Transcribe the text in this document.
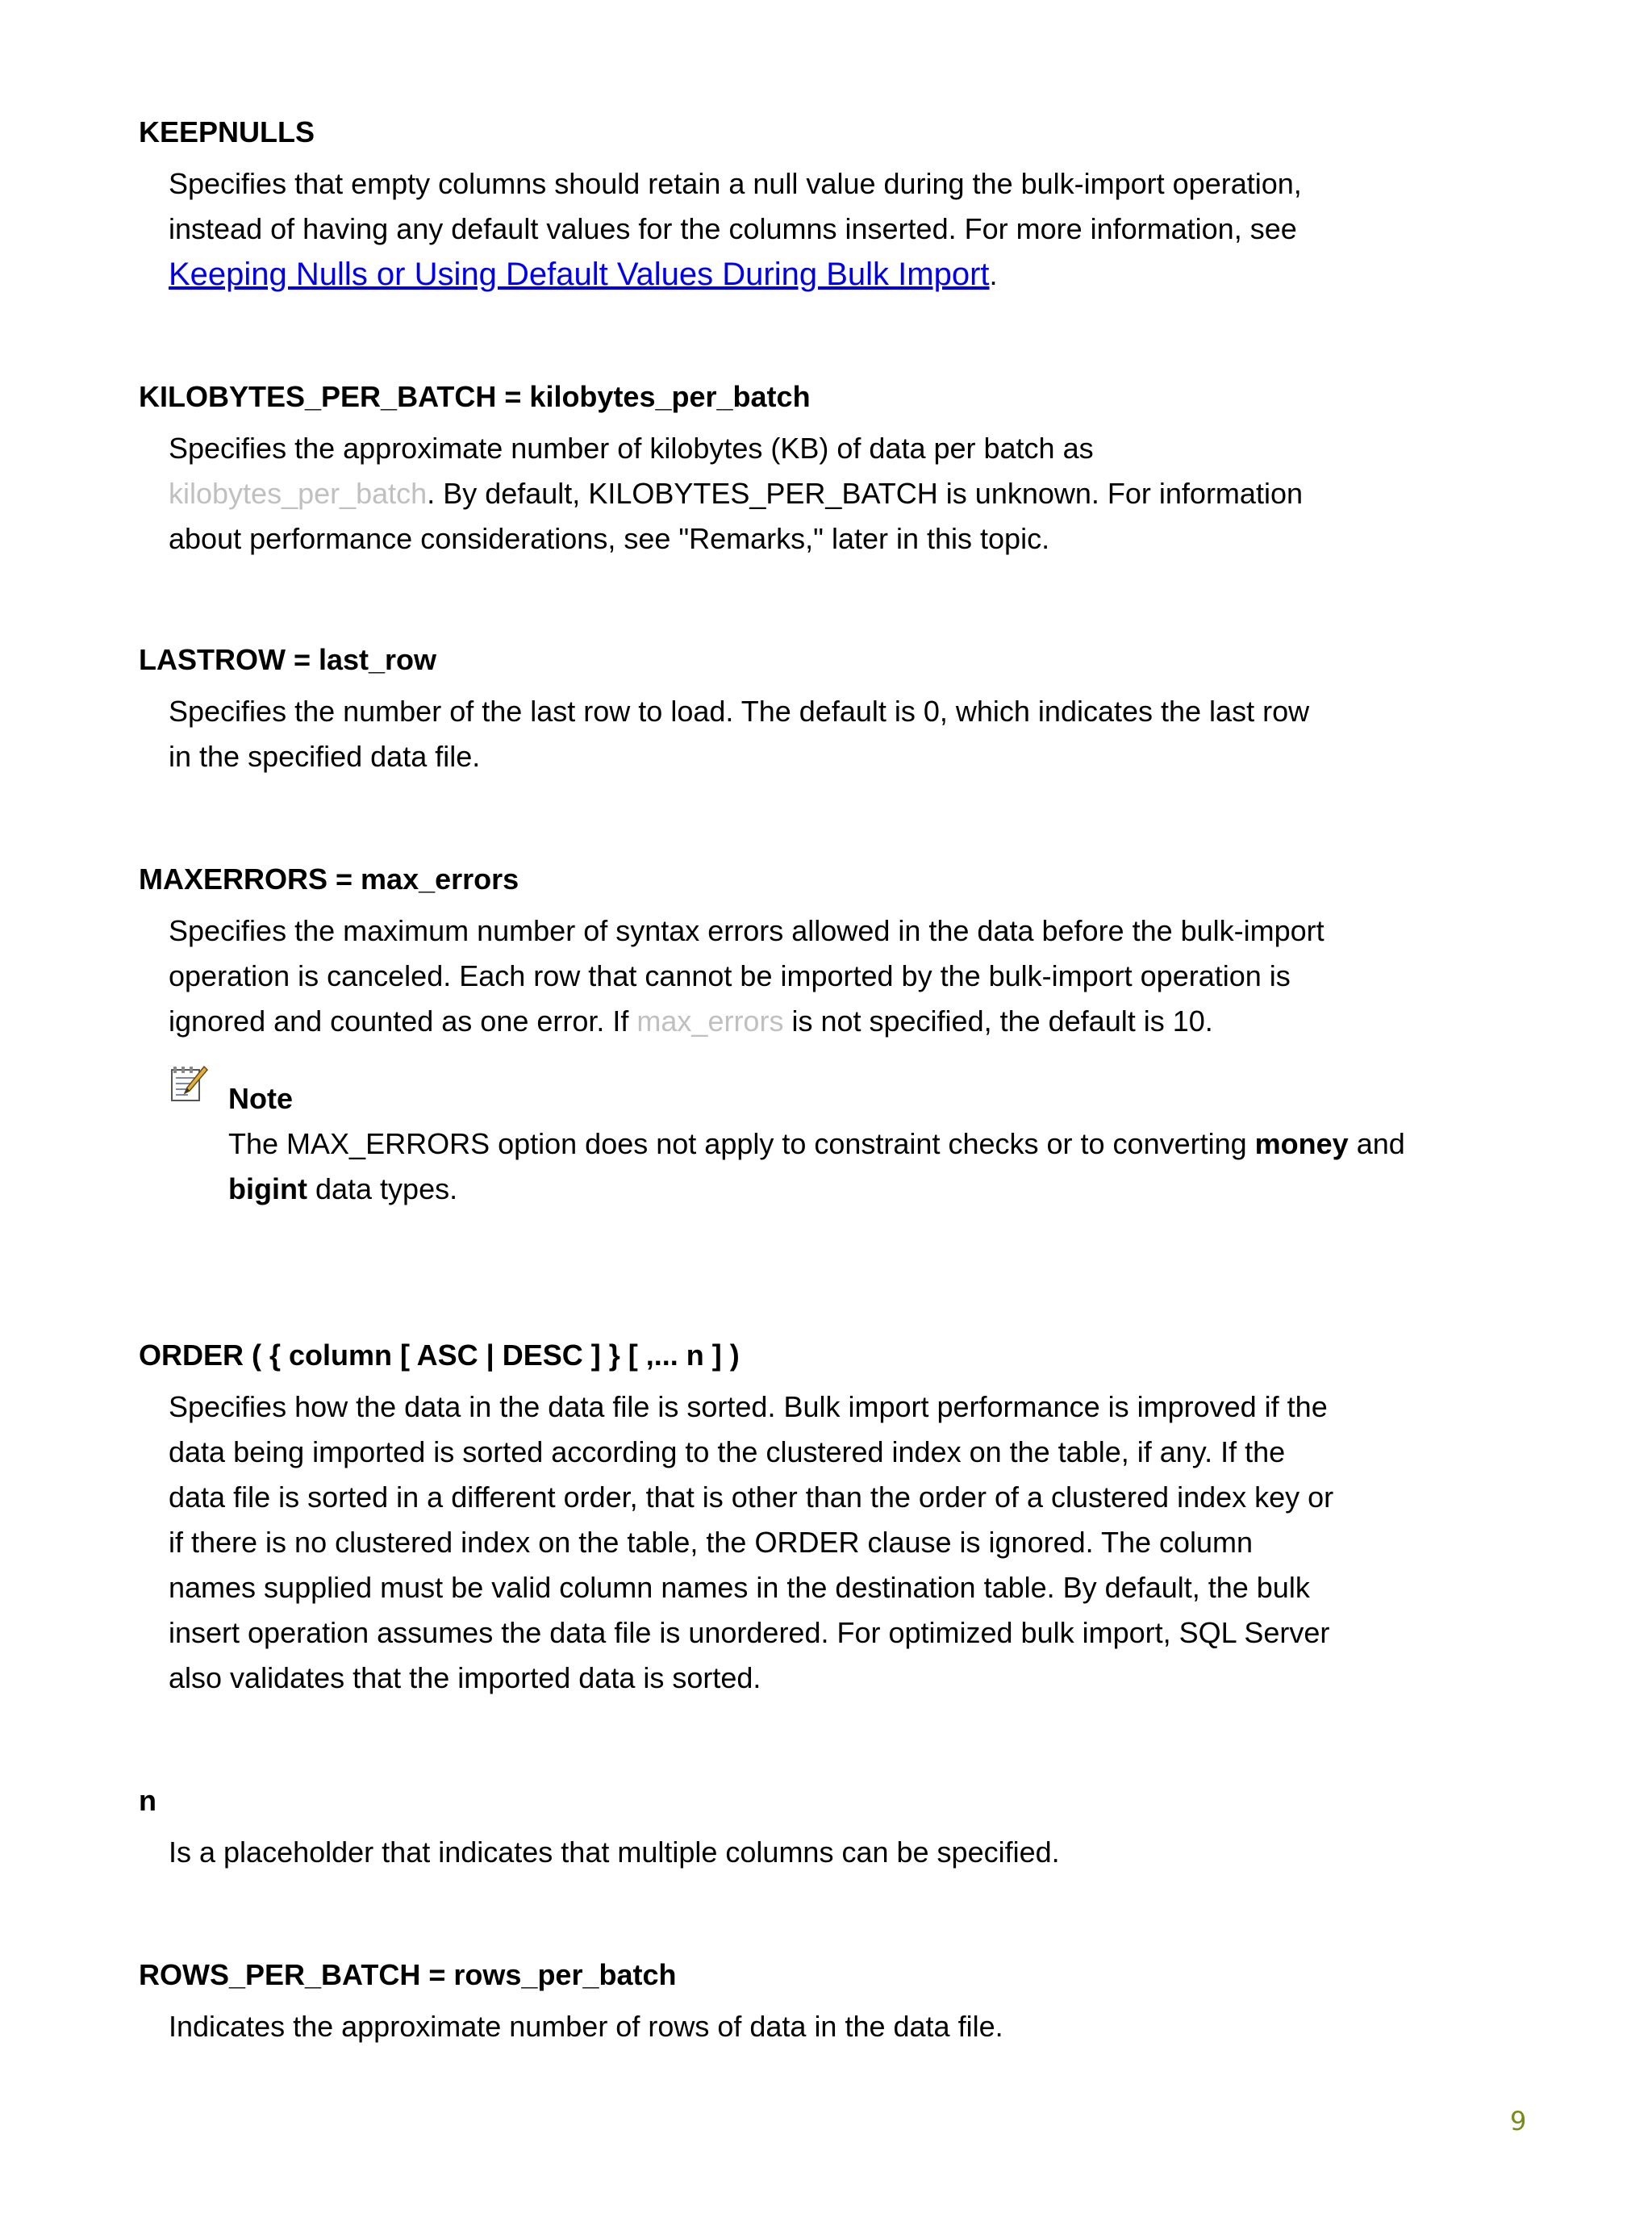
KEEPNULLS

Specifies that empty columns should retain a null value during the bulk-import operation, instead of having any default values for the columns inserted. For more information, see Keeping Nulls or Using Default Values During Bulk Import.

KILOBYTES_PER_BATCH = kilobytes_per_batch

Specifies the approximate number of kilobytes (KB) of data per batch as kilobytes_per_batch. By default, KILOBYTES_PER_BATCH is unknown. For information about performance considerations, see "Remarks," later in this topic.

LASTROW = last_row

Specifies the number of the last row to load. The default is 0, which indicates the last row in the specified data file.

MAXERRORS = max_errors

Specifies the maximum number of syntax errors allowed in the data before the bulk-import operation is canceled. Each row that cannot be imported by the bulk-import operation is ignored and counted as one error. If max_errors is not specified, the default is 10.

Note
The MAX_ERRORS option does not apply to constraint checks or to converting money and bigint data types.

ORDER ( { column [ ASC | DESC ] } [ ,... n ] )

Specifies how the data in the data file is sorted. Bulk import performance is improved if the data being imported is sorted according to the clustered index on the table, if any. If the data file is sorted in a different order, that is other than the order of a clustered index key or if there is no clustered index on the table, the ORDER clause is ignored. The column names supplied must be valid column names in the destination table. By default, the bulk insert operation assumes the data file is unordered. For optimized bulk import, SQL Server also validates that the imported data is sorted.

n

Is a placeholder that indicates that multiple columns can be specified.

ROWS_PER_BATCH = rows_per_batch

Indicates the approximate number of rows of data in the data file.

9
